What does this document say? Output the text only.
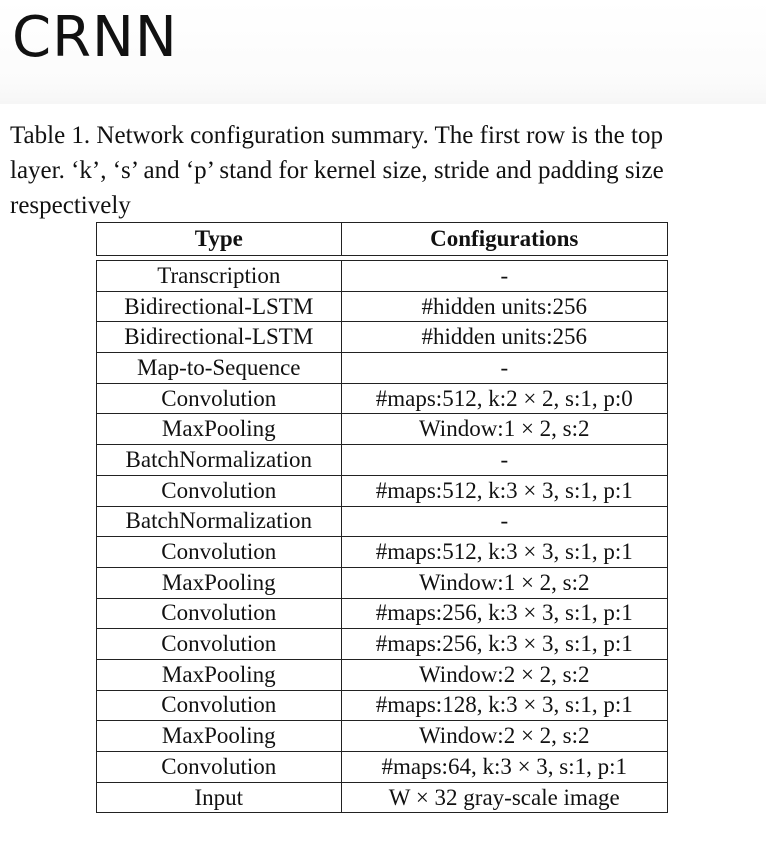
CRNN

Table 1. Network configuration summary. The first row is the top
layer. ‘k’, ‘s’ and ‘p’ stand for kernel size, stride and padding size
respectively

Type	Configurations

Transcription	-
Bidirectional-LSTM	#hidden units:256
Bidirectional-LSTM	#hidden units:256
Map-to-Sequence	-
Convolution	#maps:512, k:2 × 2, s:1, p:0
MaxPooling	Window:1 × 2, s:2
BatchNormalization	-
Convolution	#maps:512, k:3 × 3, s:1, p:1
BatchNormalization	-
Convolution	#maps:512, k:3 × 3, s:1, p:1
MaxPooling	Window:1 × 2, s:2
Convolution	#maps:256, k:3 × 3, s:1, p:1
Convolution	#maps:256, k:3 × 3, s:1, p:1
MaxPooling	Window:2 × 2, s:2
Convolution	#maps:128, k:3 × 3, s:1, p:1
MaxPooling	Window:2 × 2, s:2
Convolution	#maps:64, k:3 × 3, s:1, p:1
Input	W × 32 gray-scale image
